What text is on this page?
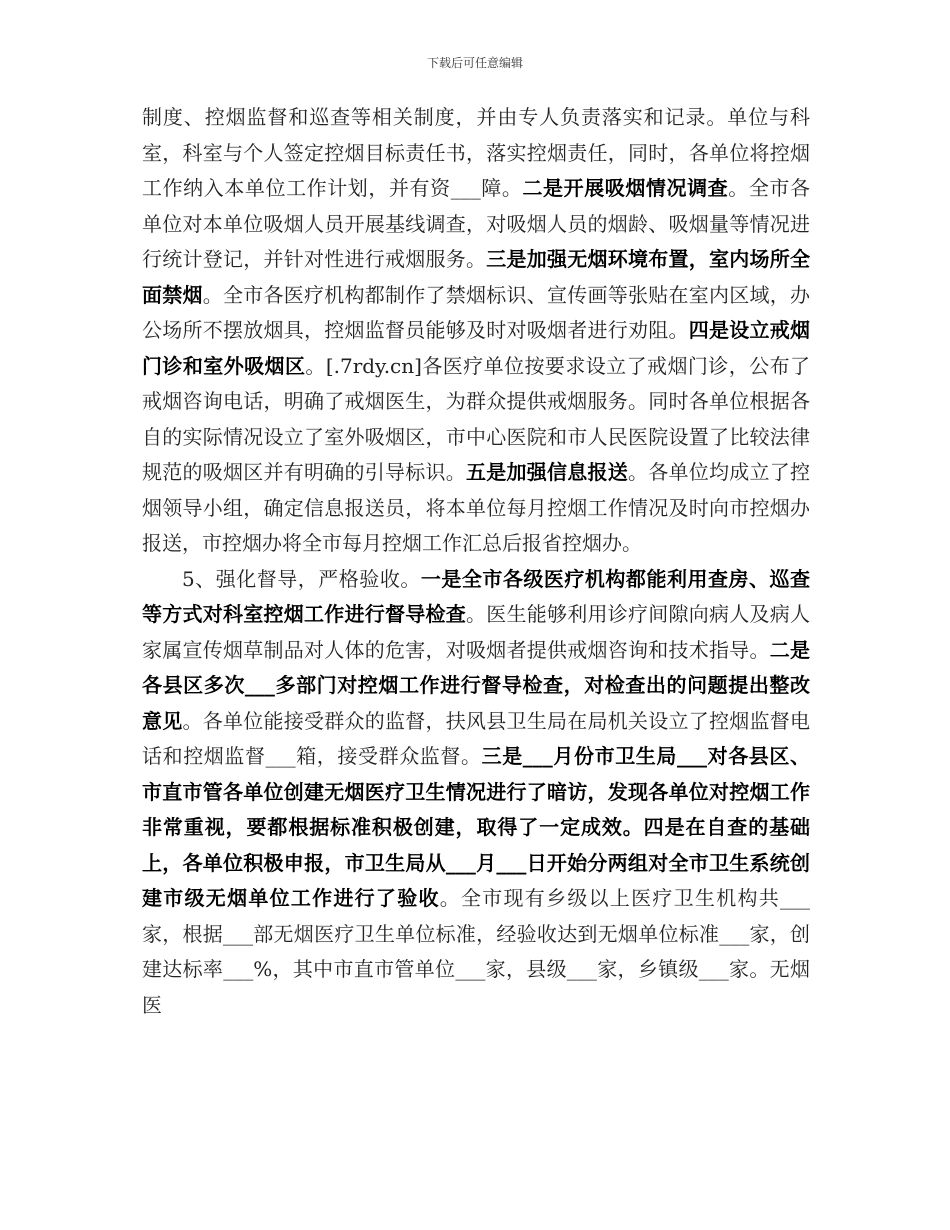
下载后可任意编辑

制度、控烟监督和巡查等相关制度，并由专人负责落实和记录。单位与科室，科室与个人签定控烟目标责任书，落实控烟责任，同时，各单位将控烟工作纳入本单位工作计划，并有资___障。二是开展吸烟情况调查。全市各单位对本单位吸烟人员开展基线调查，对吸烟人员的烟龄、吸烟量等情况进行统计登记，并针对性进行戒烟服务。三是加强无烟环境布置，室内场所全面禁烟。全市各医疗机构都制作了禁烟标识、宣传画等张贴在室内区域，办公场所不摆放烟具，控烟监督员能够及时对吸烟者进行劝阻。四是设立戒烟门诊和室外吸烟区。[.7rdy.cn]各医疗单位按要求设立了戒烟门诊，公布了戒烟咨询电话，明确了戒烟医生，为群众提供戒烟服务。同时各单位根据各自的实际情况设立了室外吸烟区，市中心医院和市人民医院设置了比较法律规范的吸烟区并有明确的引导标识。五是加强信息报送。各单位均成立了控烟领导小组，确定信息报送员，将本单位每月控烟工作情况及时向市控烟办报送，市控烟办将全市每月控烟工作汇总后报省控烟办。

5、强化督导，严格验收。一是全市各级医疗机构都能利用查房、巡查等方式对科室控烟工作进行督导检查。医生能够利用诊疗间隙向病人及病人家属宣传烟草制品对人体的危害，对吸烟者提供戒烟咨询和技术指导。二是各县区多次___多部门对控烟工作进行督导检查，对检查出的问题提出整改意见。各单位能接受群众的监督，扶风县卫生局在局机关设立了控烟监督电话和控烟监督___箱，接受群众监督。三是___月份市卫生局___对各县区、市直市管各单位创建无烟医疗卫生情况进行了暗访，发现各单位对控烟工作非常重视，要都根据标准积极创建，取得了一定成效。四是在自查的基础上，各单位积极申报，市卫生局从___月___日开始分两组对全市卫生系统创建市级无烟单位工作进行了验收。全市现有乡级以上医疗卫生机构共___家，根据___部无烟医疗卫生单位标准，经验收达到无烟单位标准___家，创建达标率___%，其中市直市管单位___家，县级___家，乡镇级___家。无烟医
